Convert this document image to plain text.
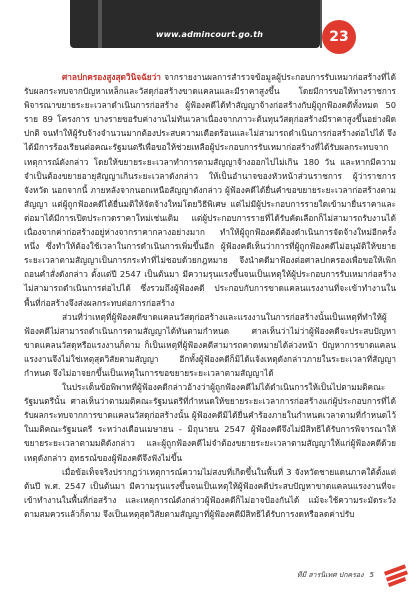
www.admincourt.go.th	23

ศาลปกครองสูงสุดวินิจฉัยว่า จากรายงานผลการสำรวจข้อมูลผู้ประกอบการรับเหมาก่อสร้างที่ได้รับผลกระทบจากปัญหาเหล็กและวัสดุก่อสร้างขาดแคลนและมีราคาสูงขึ้น โดยมีการขอให้ทางราชการพิจารณาขยายระยะเวลาดำเนินการก่อสร้าง ผู้ฟ้องคดีได้ทำสัญญาจ้างก่อสร้างกับผู้ถูกฟ้องคดีทั้งหมด 50 ราย 89 โครงการ บางรายขอรับค่างานไม่ทันเวลาเนื่องจากภาวะต้นทุนวัสดุก่อสร้างมีราคาสูงขึ้นอย่างผิดปกติ จนทำให้ผู้รับจ้างจำนวนมากต้องประสบความเดือดร้อนและไม่สามารถดำเนินการก่อสร้างต่อไปได้ จึงได้มีการร้องเรียนต่อคณะรัฐมนตรีเพื่อขอให้ช่วยเหลือผู้ประกอบการรับเหมาก่อสร้างที่ได้รับผลกระทบจากเหตุการณ์ดังกล่าว โดยให้ขยายระยะเวลาทำการตามสัญญาจ้างออกไปไม่เกิน 180 วัน และหากมีความจำเป็นต้องขยายอายุสัญญาเกินระยะเวลาดังกล่าว ให้เป็นอำนาจของหัวหน้าส่วนราชการ ผู้ว่าราชการจังหวัด นอกจากนี้ ภายหลังจากนอกเหนือสัญญาดังกล่าว ผู้ฟ้องคดีได้ยื่นคำขอขยายระยะเวลาก่อสร้างตามสัญญา แต่ผู้ถูกฟ้องคดีได้ยื่นมติให้จัดจ้างใหม่โดยวิธีพิเศษ แต่ไม่มีผู้ประกอบการรายใดเข้ามายื่นราคาและต่อมาได้มีการเปิดประกวดราคาใหม่เช่นเดิม แต่ผู้ประกอบการรายที่ได้รับคัดเลือกก็ไม่สามารถรับงานได้ เนื่องจากค่าก่อสร้างอยู่ห่างจากราคากลางอย่างมาก ทำให้ผู้ถูกฟ้องคดีต้องดำเนินการจัดจ้างใหม่อีกครั้งหนึ่ง ซึ่งทำให้ต้องใช้เวลาในการดำเนินการเพิ่มขึ้นอีก ผู้ฟ้องคดีเห็นว่าการที่ผู้ถูกฟ้องคดีไม่อนุมัติให้ขยายระยะเวลาตามสัญญาเป็นการกระทำที่ไม่ชอบด้วยกฎหมาย จึงนำคดีมาฟ้องต่อศาลปกครองเพื่อขอให้เพิกถอนคำสั่งดังกล่าว ตั้งแต่ปี 2547 เป็นต้นมา มีความรุนแรงขึ้นจนเป็นเหตุให้ผู้ประกอบการรับเหมาก่อสร้างไม่สามารถดำเนินการต่อไปได้ ซึ่งรวมถึงผู้ฟ้องคดี ประกอบกับการขาดแคลนแรงงานที่จะเข้าทำงานในพื้นที่ก่อสร้างจึงส่งผลกระทบต่อการก่อสร้าง

ส่วนที่ว่าเหตุที่ผู้ฟ้องคดีขาดแคลนวัสดุก่อสร้างและแรงงานในการก่อสร้างนั้นเป็นเหตุที่ทำให้ผู้ฟ้องคดีไม่สามารถดำเนินการตามสัญญาได้ทันตามกำหนด ศาลเห็นว่าไม่ว่าผู้ฟ้องคดีจะประสบปัญหาขาดแคลนวัสดุหรือแรงงานก็ตาม ก็เป็นเหตุที่ผู้ฟ้องคดีสามารถคาดหมายได้ล่วงหน้า ปัญหาการขาดแคลนแรงงานจึงไม่ใช่เหตุสุดวิสัยตามสัญญา อีกทั้งผู้ฟ้องคดีก็มิได้แจ้งเหตุดังกล่าวภายในระยะเวลาที่สัญญากำหนด จึงไม่อาจยกขึ้นเป็นเหตุในการขอขยายระยะเวลาตามสัญญาได้

ในประเด็นข้อพิพาทที่ผู้ฟ้องคดีกล่าวอ้างว่าผู้ถูกฟ้องคดีไม่ได้ดำเนินการให้เป็นไปตามมติคณะรัฐมนตรีนั้น ศาลเห็นว่าตามมติคณะรัฐมนตรีที่กำหนดให้ขยายระยะเวลาการก่อสร้างแก่ผู้ประกอบการที่ได้รับผลกระทบจากการขาดแคลนวัสดุก่อสร้างนั้น ผู้ฟ้องคดีมิได้ยื่นคำร้องภายในกำหนดเวลาตามที่กำหนดไว้ในมติคณะรัฐมนตรี ระหว่างเดือนเมษายน - มิถุนายน 2547 ผู้ฟ้องคดีจึงไม่มีสิทธิได้รับการพิจารณาให้ขยายระยะเวลาตามมติดังกล่าว และผู้ถูกฟ้องคดีไม่จำต้องขยายระยะเวลาตามสัญญาให้แก่ผู้ฟ้องคดีด้วยเหตุดังกล่าว อุทธรณ์ของผู้ฟ้องคดีจึงฟังไม่ขึ้น

เมื่อข้อเท็จจริงปรากฏว่าเหตุการณ์ความไม่สงบที่เกิดขึ้นในพื้นที่ 3 จังหวัดชายแดนภาคใต้ตั้งแต่ต้นปี พ.ศ. 2547 เป็นต้นมา มีความรุนแรงขึ้นจนเป็นเหตุให้ผู้ฟ้องคดีประสบปัญหาขาดแคลนแรงงานที่จะเข้าทำงานในพื้นที่ก่อสร้าง และเหตุการณ์ดังกล่าวผู้ฟ้องคดีก็ไม่อาจป้องกันได้ แม้จะใช้ความระมัดระวังตามสมควรแล้วก็ตาม จึงเป็นเหตุสุดวิสัยตามสัญญาที่ผู้ฟ้องคดีมีสิทธิได้รับการงดหรือลดค่าปรับ

ทีมี สารนิเทศ ปกครอง 5
